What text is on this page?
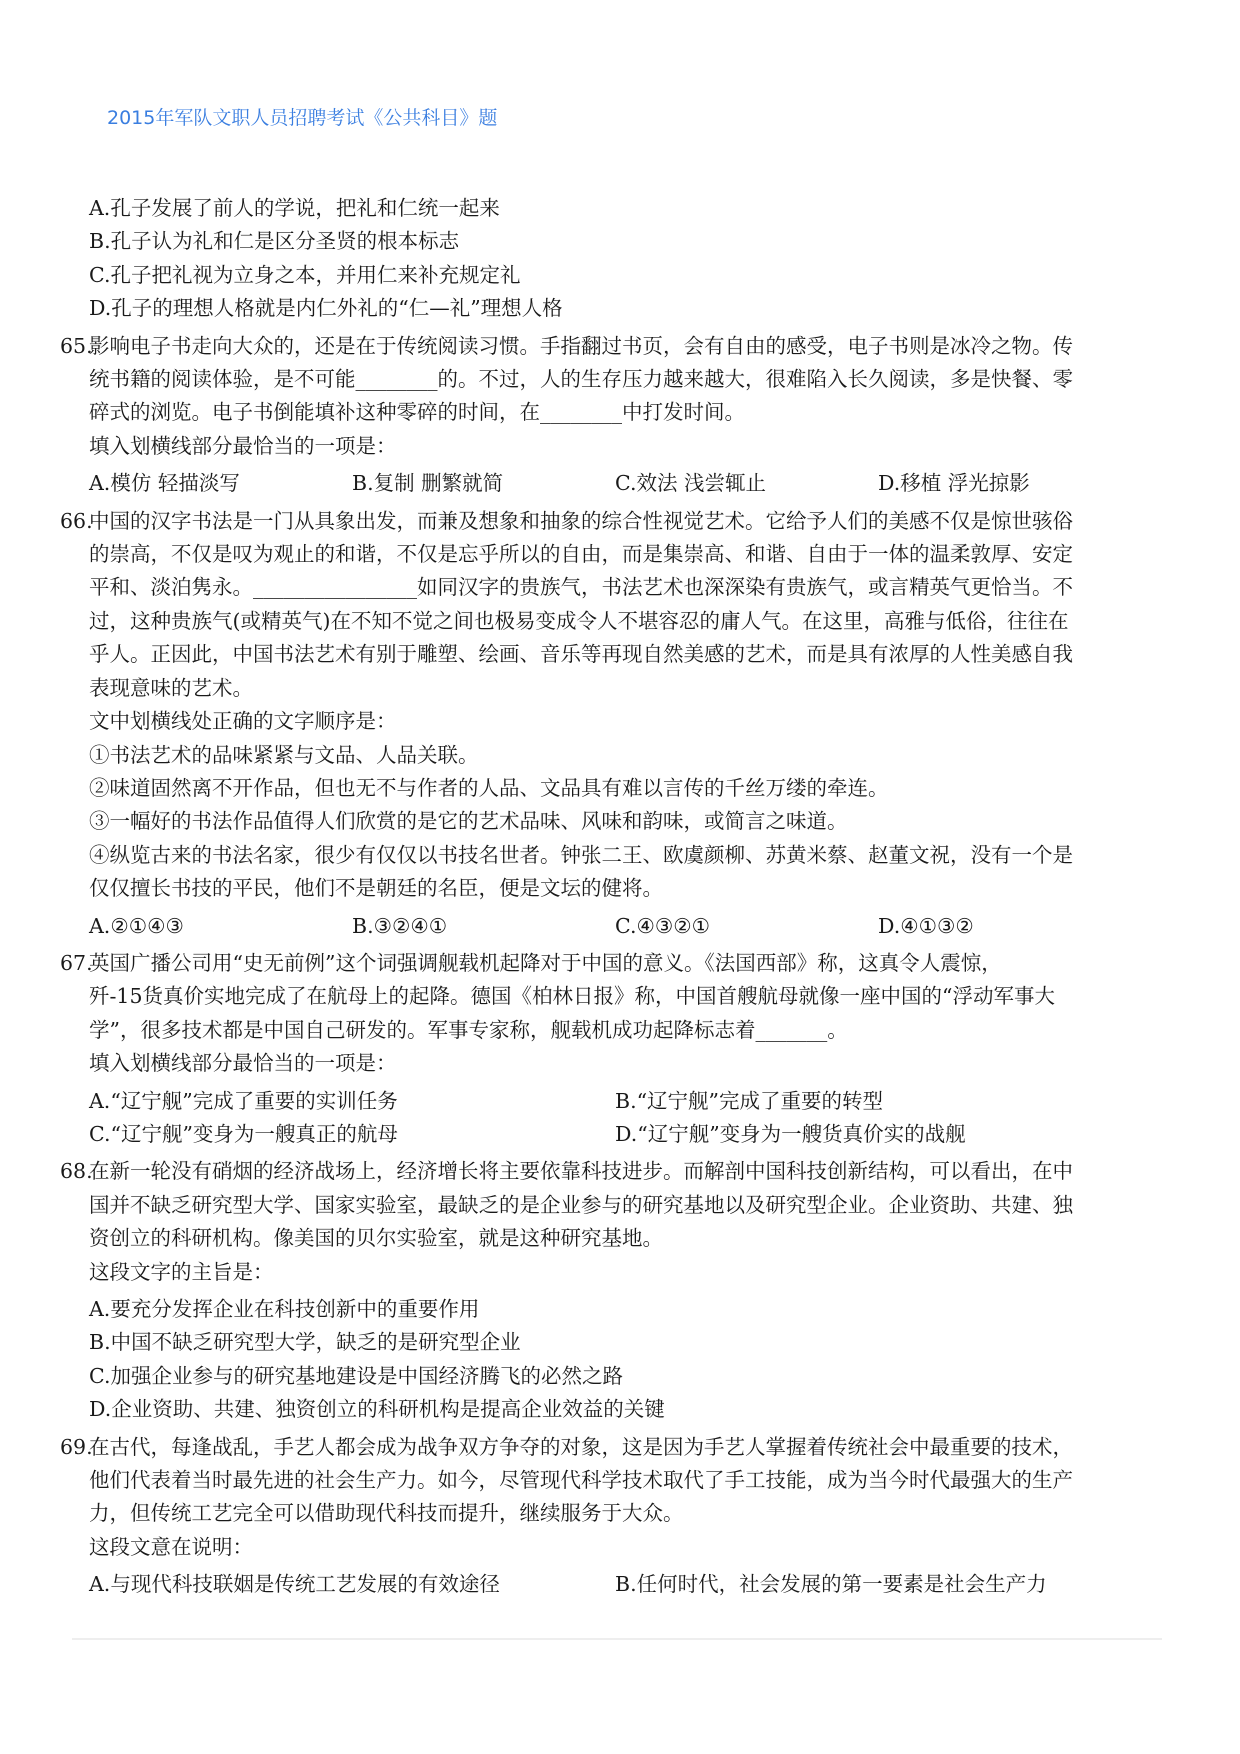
2015年军队文职人员招聘考试《公共科目》题
A.孔子发展了前人的学说，把礼和仁统一起来
B.孔子认为礼和仁是区分圣贤的根本标志
C.孔子把礼视为立身之本，并用仁来补充规定礼
D.孔子的理想人格就是内仁外礼的“仁—礼”理想人格
65.
影响电子书走向大众的，还是在于传统阅读习惯。手指翻过书页，会有自由的感受，电子书则是冰冷之物。传
统书籍的阅读体验，是不可能________的。不过，人的生存压力越来越大，很难陷入长久阅读，多是快餐、零
碎式的浏览。电子书倒能填补这种零碎的时间，在________中打发时间。
填入划横线部分最恰当的一项是：
A.模仿 轻描淡写	B.复制 删繁就简	C.效法 浅尝辄止	D.移植 浮光掠影
66.
中国的汉字书法是一门从具象出发，而兼及想象和抽象的综合性视觉艺术。它给予人们的美感不仅是惊世骇俗
的崇高，不仅是叹为观止的和谐，不仅是忘乎所以的自由，而是集崇高、和谐、自由于一体的温柔敦厚、安定
平和、淡泊隽永。________________如同汉字的贵族气，书法艺术也深深染有贵族气，或言精英气更恰当。不
过，这种贵族气(或精英气)在不知不觉之间也极易变成令人不堪容忍的庸人气。在这里，高雅与低俗，往往在
乎人。正因此，中国书法艺术有别于雕塑、绘画、音乐等再现自然美感的艺术，而是具有浓厚的人性美感自我
表现意味的艺术。
文中划横线处正确的文字顺序是：
①书法艺术的品味紧紧与文品、人品关联。
②味道固然离不开作品，但也无不与作者的人品、文品具有难以言传的千丝万缕的牵连。
③一幅好的书法作品值得人们欣赏的是它的艺术品味、风味和韵味，或简言之味道。
④纵览古来的书法名家，很少有仅仅以书技名世者。钟张二王、欧虞颜柳、苏黄米蔡、赵董文祝，没有一个是
仅仅擅长书技的平民，他们不是朝廷的名臣，便是文坛的健将。
A.②①④③	B.③②④①	C.④③②①	D.④①③②
67.
英国广播公司用“史无前例”这个词强调舰载机起降对于中国的意义。《法国西部》称，这真令人震惊，
歼-15货真价实地完成了在航母上的起降。德国《柏林日报》称，中国首艘航母就像一座中国的“浮动军事大
学”，很多技术都是中国自己研发的。军事专家称，舰载机成功起降标志着_______。
填入划横线部分最恰当的一项是：
A.“辽宁舰”完成了重要的实训任务	B.“辽宁舰”完成了重要的转型
C.“辽宁舰”变身为一艘真正的航母	D.“辽宁舰”变身为一艘货真价实的战舰
68.
在新一轮没有硝烟的经济战场上，经济增长将主要依靠科技进步。而解剖中国科技创新结构，可以看出，在中
国并不缺乏研究型大学、国家实验室，最缺乏的是企业参与的研究基地以及研究型企业。企业资助、共建、独
资创立的科研机构。像美国的贝尔实验室，就是这种研究基地。
这段文字的主旨是：
A.要充分发挥企业在科技创新中的重要作用
B.中国不缺乏研究型大学，缺乏的是研究型企业
C.加强企业参与的研究基地建设是中国经济腾飞的必然之路
D.企业资助、共建、独资创立的科研机构是提高企业效益的关键
69.
在古代，每逢战乱，手艺人都会成为战争双方争夺的对象，这是因为手艺人掌握着传统社会中最重要的技术，
他们代表着当时最先进的社会生产力。如今，尽管现代科学技术取代了手工技能，成为当今时代最强大的生产
力，但传统工艺完全可以借助现代科技而提升，继续服务于大众。
这段文意在说明：
A.与现代科技联姻是传统工艺发展的有效途径	B.任何时代，社会发展的第一要素是社会生产力
